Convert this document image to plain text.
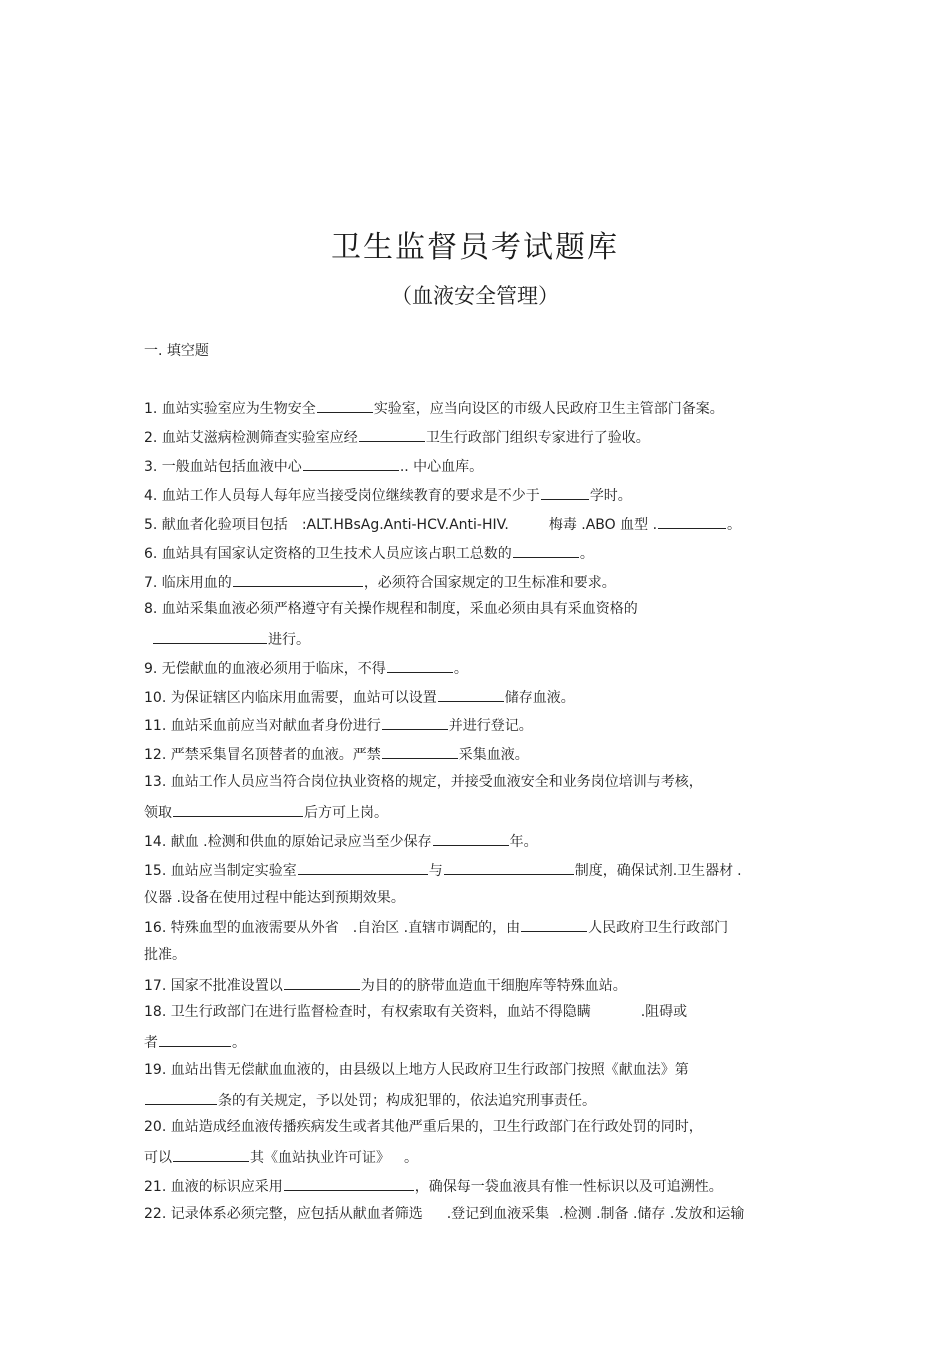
卫生监督员考试题库
（血液安全管理）
一. 填空题
1. 血站实验室应为生物安全	实验室，应当向设区的市级人民政府卫生主管部门备案。
2. 血站艾滋病检测筛查实验室应经	卫生行政部门组织专家进行了验收。
3. 一般血站包括血液中心	.. 中心血库。
4. 血站工作人员每人每年应当接受岗位继续教育的要求是不少于	学时。
5. 献血者化验项目包括 :ALT.HBsAg.Anti-HCV.Anti-HIV.	梅毒 .ABO 血型 .	。
6. 血站具有国家认定资格的卫生技术人员应该占职工总数的	。
7. 临床用血的	，必须符合国家规定的卫生标准和要求。
8. 血站采集血液必须严格遵守有关操作规程和制度，采血必须由具有采血资格的
进行。
9. 无偿献血的血液必须用于临床，不得	。
10. 为保证辖区内临床用血需要，血站可以设置	储存血液。
11. 血站采血前应当对献血者身份进行	并进行登记。
12. 严禁采集冒名顶替者的血液。严禁	采集血液。
13. 血站工作人员应当符合岗位执业资格的规定，并接受血液安全和业务岗位培训与考核，
领取	后方可上岗。
14. 献血 .检测和供血的原始记录应当至少保存	年。
15. 血站应当制定实验室	与	制度，确保试剂.卫生器材 .
仪器 .设备在使用过程中能达到预期效果。
16. 特殊血型的血液需要从外省 .自治区 .直辖市调配的，由	人民政府卫生行政部门
批准。
17. 国家不批准设置以	为目的的脐带血造血干细胞库等特殊血站。
18. 卫生行政部门在进行监督检查时，有权索取有关资料，血站不得隐瞒	.阻碍或
者	。
19. 血站出售无偿献血血液的，由县级以上地方人民政府卫生行政部门按照《献血法》第
条的有关规定，予以处罚；构成犯罪的，依法追究刑事责任。
20. 血站造成经血液传播疾病发生或者其他严重后果的，卫生行政部门在行政处罚的同时，
可以	其《血站执业许可证》 。
21. 血液的标识应采用	，确保每一袋血液具有惟一性标识以及可追溯性。
22. 记录体系必须完整，应包括从献血者筛选 .登记到血液采集 .检测 .制备 .储存 .发放和运输
